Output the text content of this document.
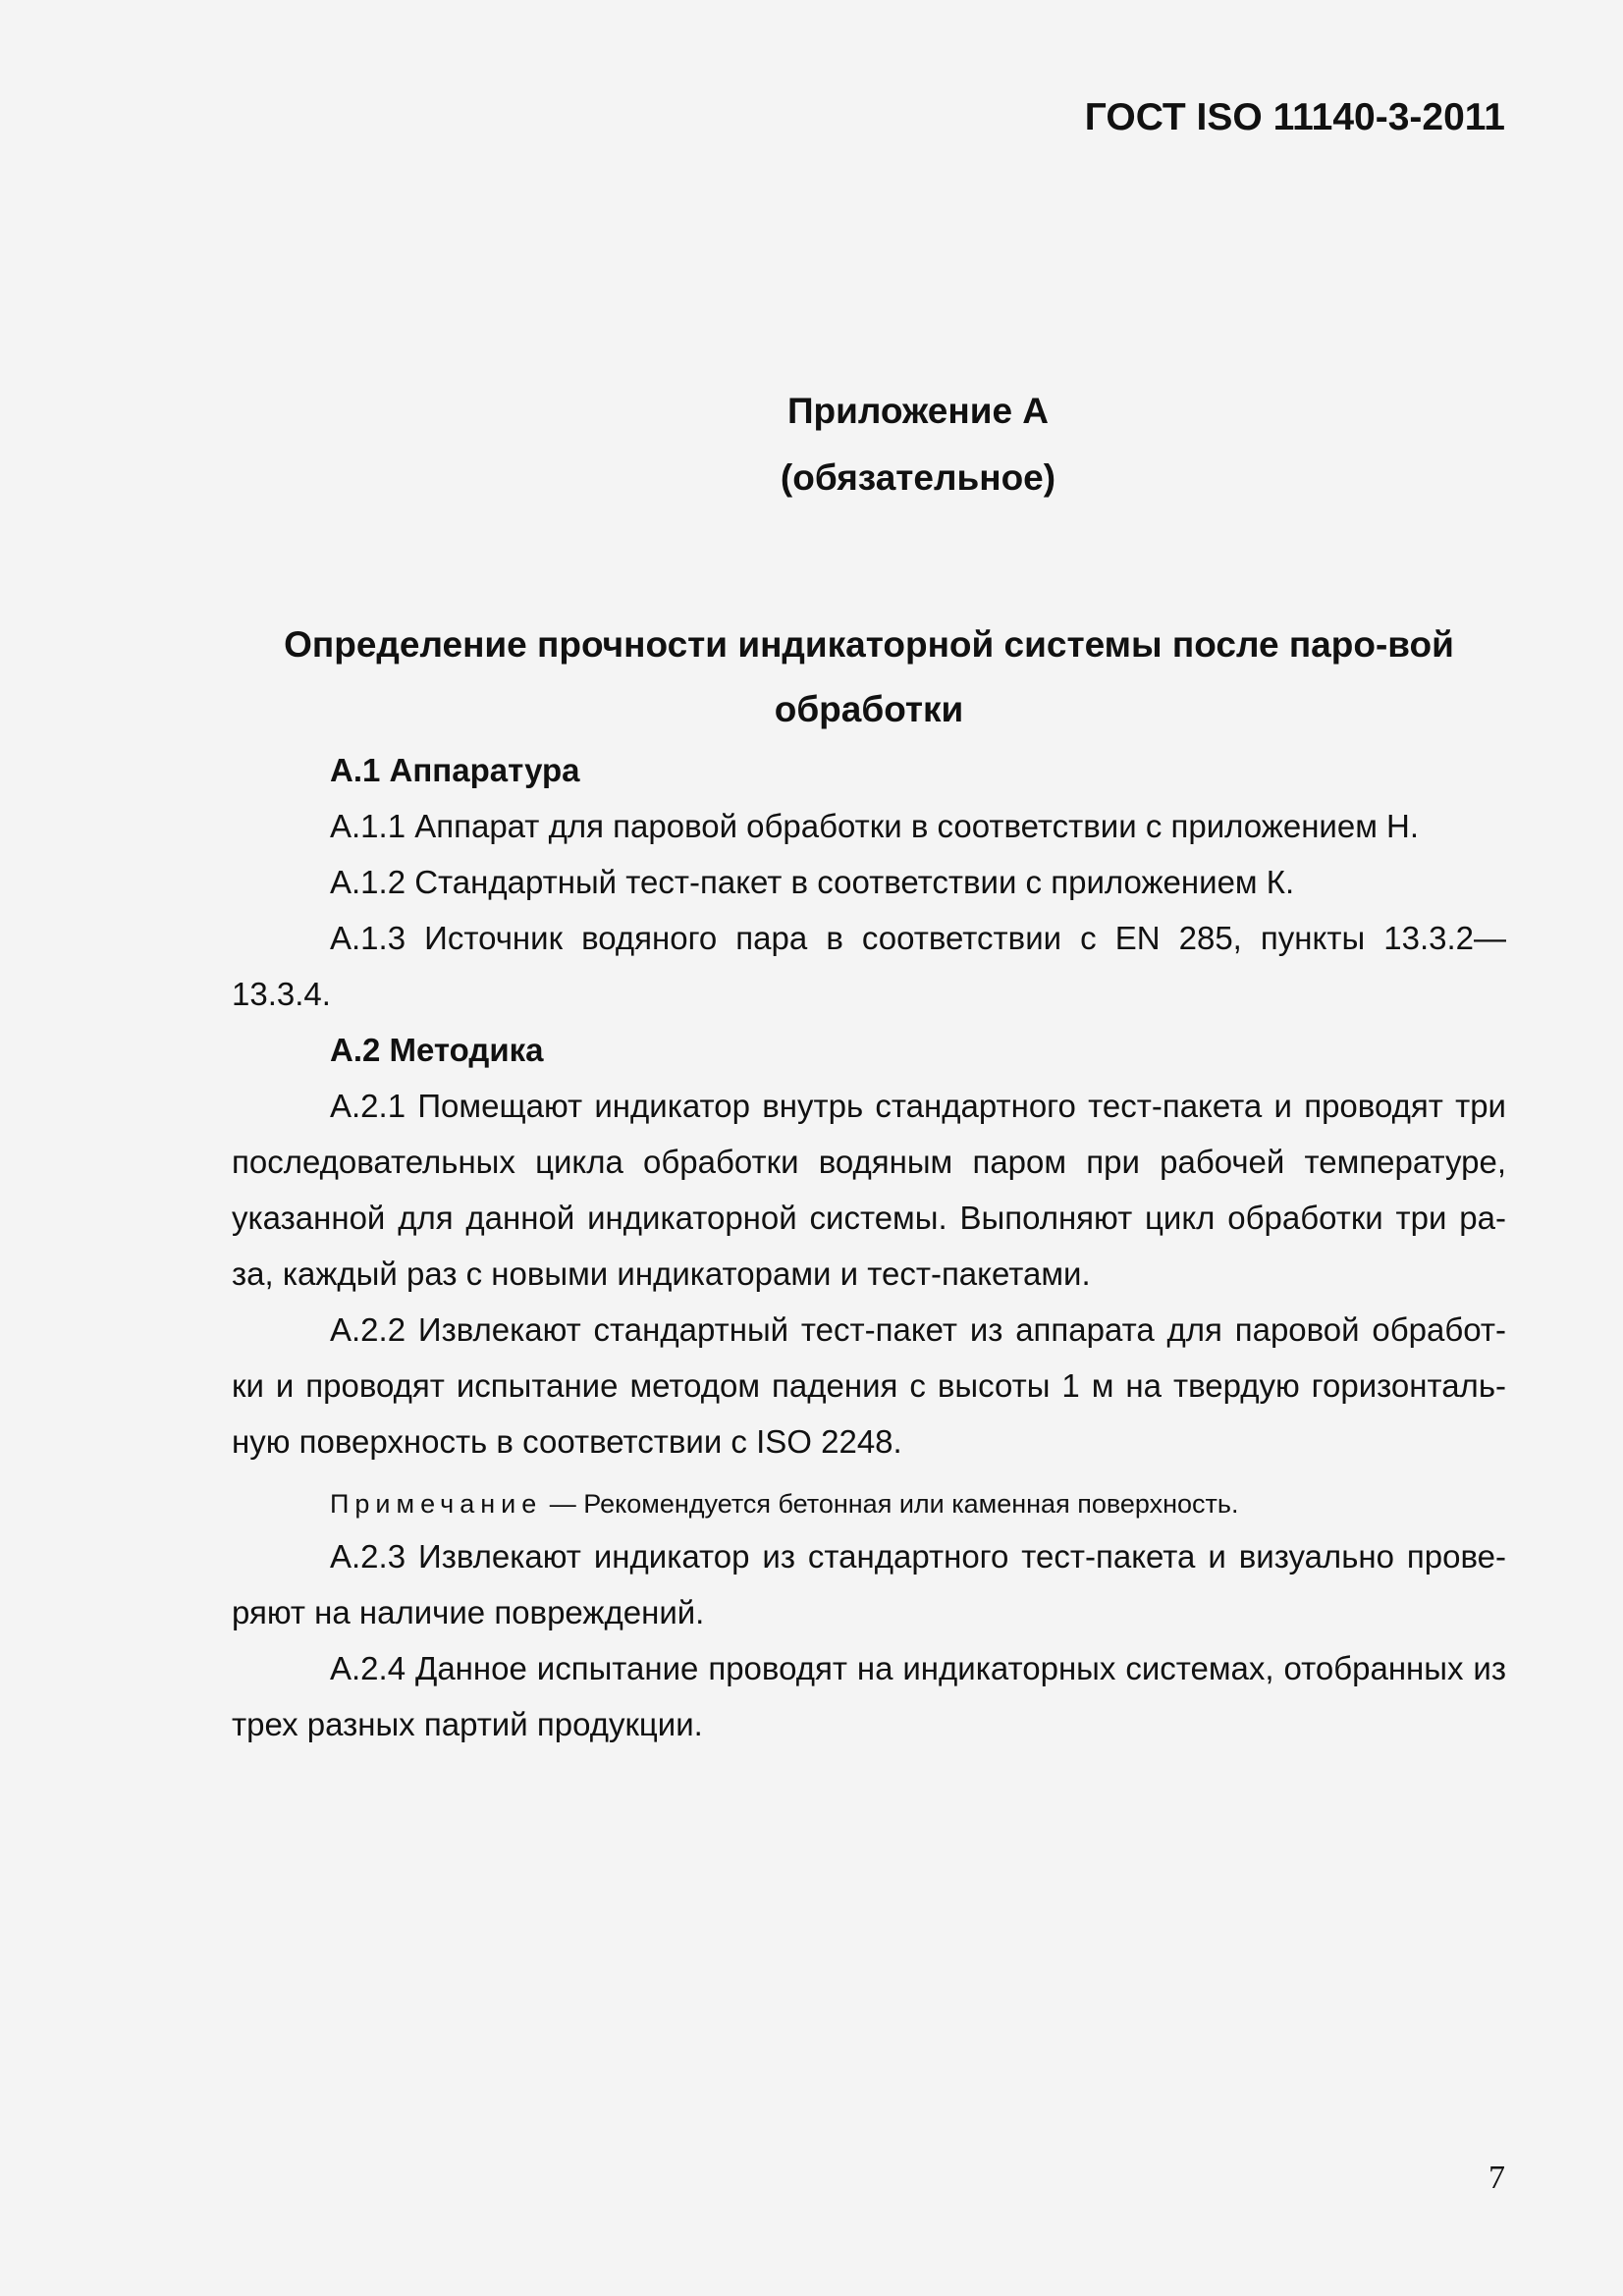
ГОСТ ISO 11140-3-2011

Приложение А

(обязательное)

Определение прочности индикаторной системы после паро-вой обработки

А.1 Аппаратура

А.1.1 Аппарат для паровой обработки в соответствии с приложением Н.

А.1.2 Стандартный тест-пакет в соответствии с приложением К.

А.1.3 Источник водяного пара в соответствии с EN 285, пункты 13.3.2—13.3.4.

А.2 Методика

А.2.1 Помещают индикатор внутрь стандартного тест-пакета и проводят три последовательных цикла обработки водяным паром при рабочей температуре, указанной для данной индикаторной системы. Выполняют цикл обработки три ра-за, каждый раз с новыми индикаторами и тест-пакетами.

А.2.2 Извлекают стандартный тест-пакет из аппарата для паровой обработ-ки и проводят испытание методом падения с высоты 1 м на твердую горизонталь-ную поверхность в соответствии с ISO 2248.

Примечание — Рекомендуется бетонная или каменная поверхность.

А.2.3 Извлекают индикатор из стандартного тест-пакета и визуально прове-ряют на наличие повреждений.

А.2.4 Данное испытание проводят на индикаторных системах, отобранных из трех разных партий продукции.

7
